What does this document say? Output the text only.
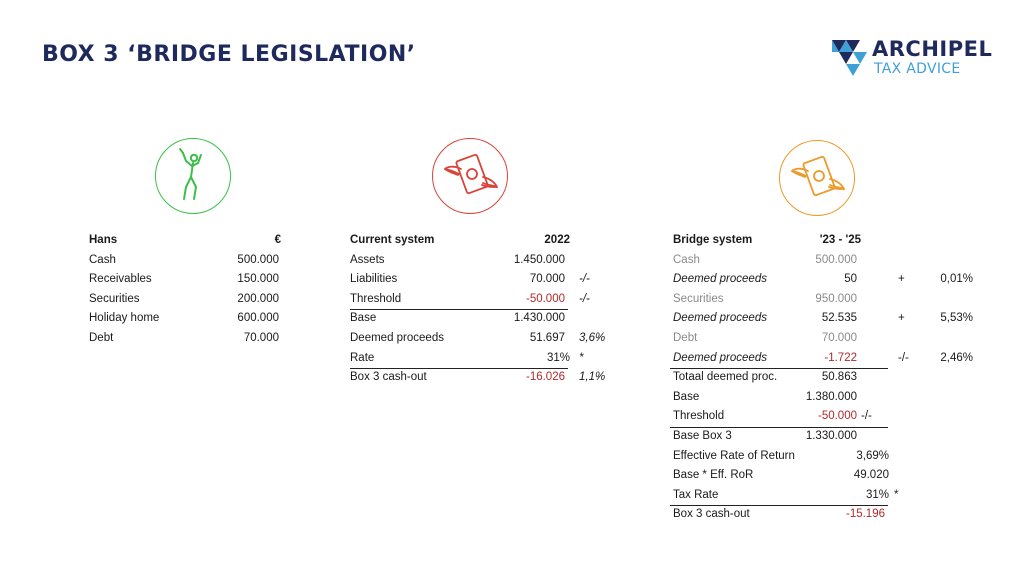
BOX 3 ‘BRIDGE LEGISLATION’	ARCHIPEL
TAX ADVICE
Hans	€
Cash	500.000
Receivables	150.000
Securities	200.000
Holiday home	600.000
Debt	70.000
Current system	2022
Assets	1.450.000
Liabilities	70.000 -/-
Threshold	-50.000 -/-
Base	1.430.000
Deemed proceeds	51.697 3,6%
Rate	31% *
Box 3 cash-out	-16.026 1,1%
Bridge system	'23 - '25
Cash	500.000
Deemed proceeds	50	+	0,01%
Securities	950.000
Deemed proceeds	52.535	+	5,53%
Debt	70.000
Deemed proceeds	-1.722	-/-	2,46%
Totaal deemed proc.	50.863
Base	1.380.000
Threshold	-50.000 -/-
Base Box 3	1.330.000
Effective Rate of Return	3,69%
Base * Eff. RoR	49.020
Tax Rate	31% *
Box 3 cash-out	-15.196
